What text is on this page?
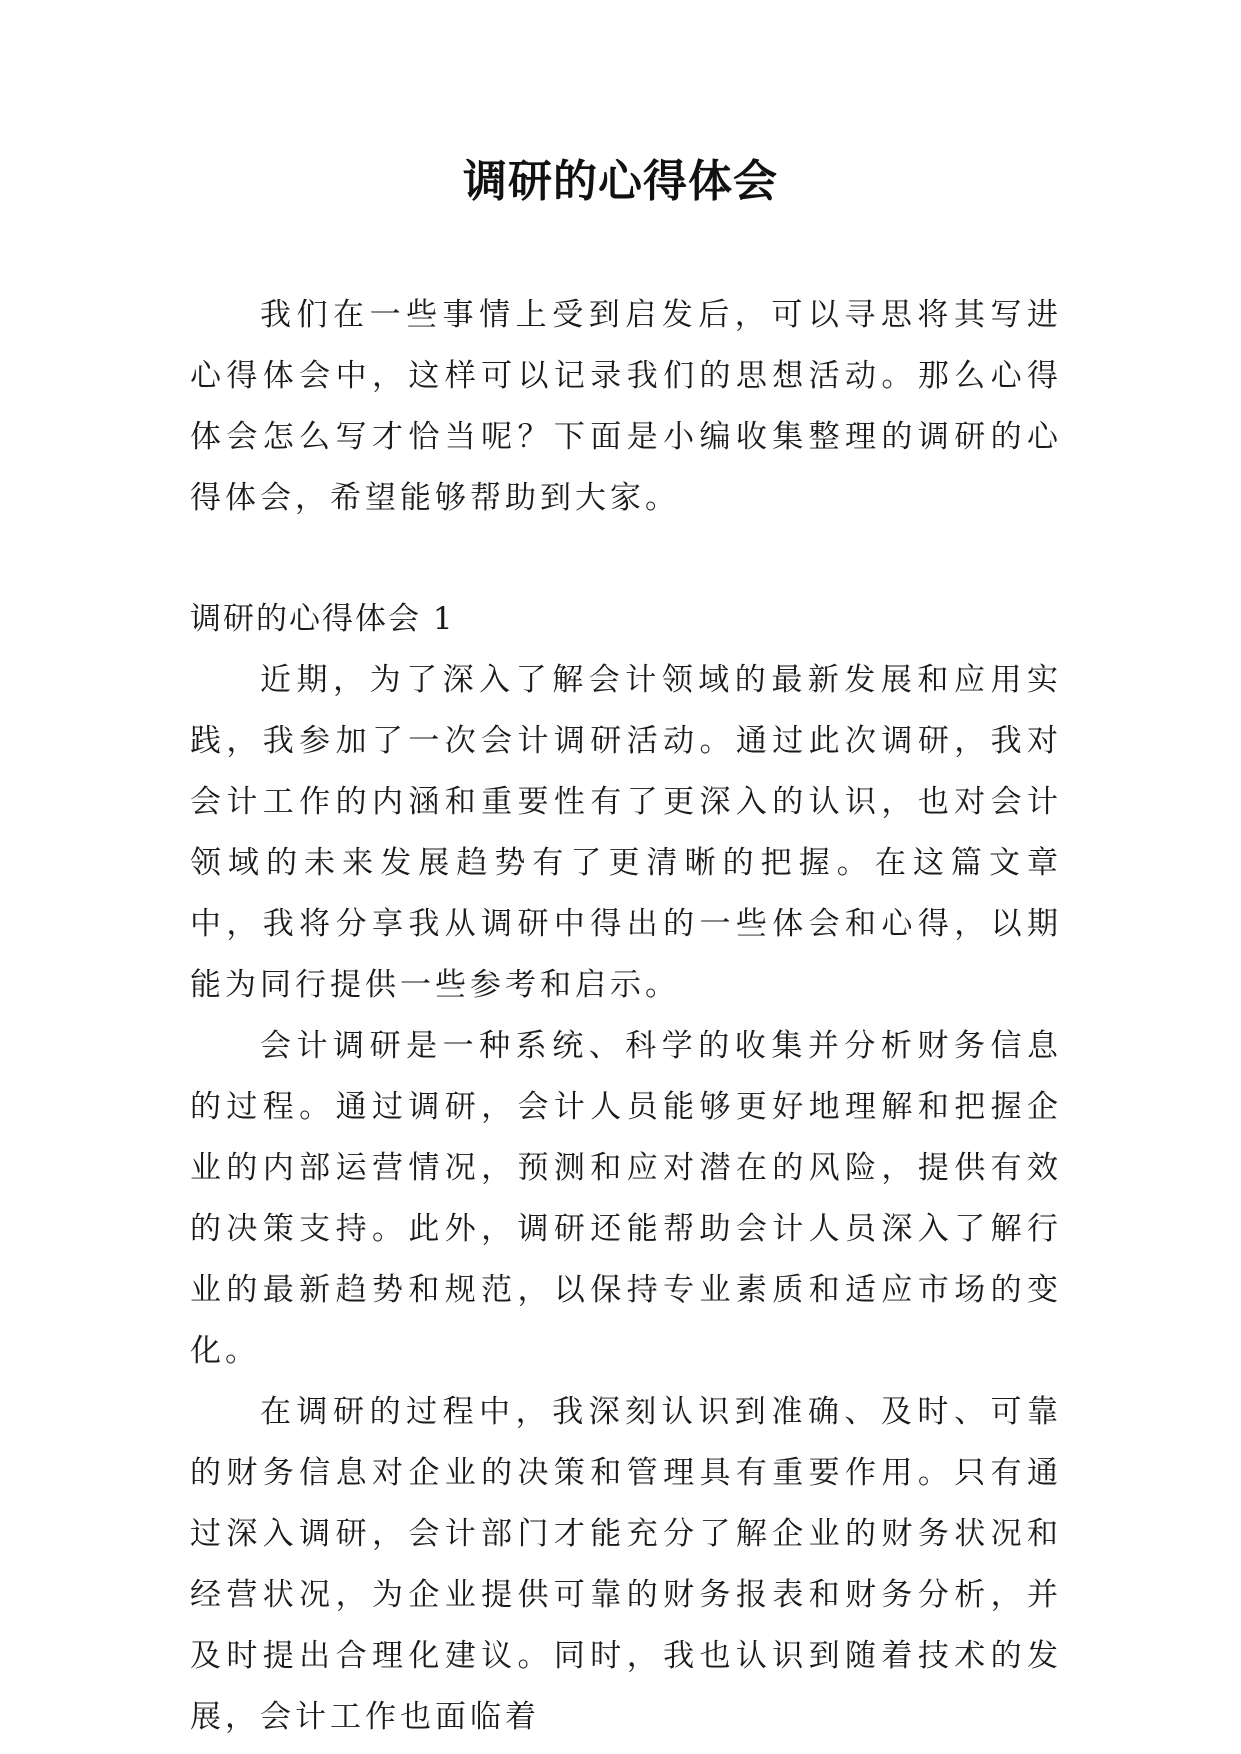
调研的心得体会

我们在一些事情上受到启发后，可以寻思将其写进心得体会中，这样可以记录我们的思想活动。那么心得体会怎么写才恰当呢？下面是小编收集整理的调研的心得体会，希望能够帮助到大家。

调研的心得体会 1

近期，为了深入了解会计领域的最新发展和应用实践，我参加了一次会计调研活动。通过此次调研，我对会计工作的内涵和重要性有了更深入的认识，也对会计领域的未来发展趋势有了更清晰的把握。在这篇文章中，我将分享我从调研中得出的一些体会和心得，以期能为同行提供一些参考和启示。

会计调研是一种系统、科学的收集并分析财务信息的过程。通过调研，会计人员能够更好地理解和把握企业的内部运营情况，预测和应对潜在的风险，提供有效的决策支持。此外，调研还能帮助会计人员深入了解行业的最新趋势和规范，以保持专业素质和适应市场的变化。

在调研的过程中，我深刻认识到准确、及时、可靠的财务信息对企业的决策和管理具有重要作用。只有通过深入调研，会计部门才能充分了解企业的财务状况和经营状况，为企业提供可靠的财务报表和财务分析，并及时提出合理化建议。同时，我也认识到随着技术的发展，会计工作也面临着
